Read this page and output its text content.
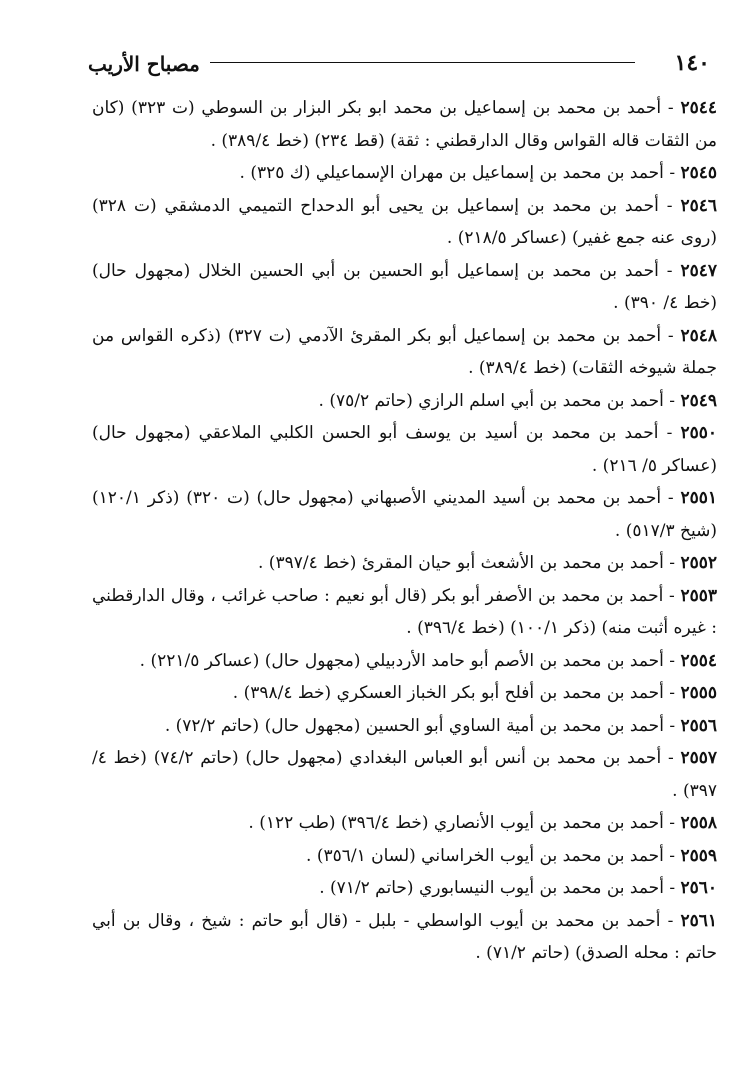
١٤٠
مصباح الأريب
٢٥٤٤ - أحمد بن محمد بن إسماعيل بن محمد ابو بكر البزار بن السوطي (ت ٣٢٣) (كان من الثقات قاله القواس وقال الدارقطني : ثقة) (قط ٢٣٤) (خط ٣٨٩/٤) .
٢٥٤٥ - أحمد بن محمد بن إسماعيل بن مهران الإسماعيلي (ك ٣٢٥) .
٢٥٤٦ - أحمد بن محمد بن إسماعيل بن يحيى أبو الدحداح التميمي الدمشقي (ت ٣٢٨) (روى عنه جمع غفير) (عساكر ٢١٨/٥) .
٢٥٤٧ - أحمد بن محمد بن إسماعيل أبو الحسين بن أبي الحسين الخلال (مجهول حال) (خط ٤/ ٣٩٠) .
٢٥٤٨ - أحمد بن محمد بن إسماعيل أبو بكر المقرئ الآدمي (ت ٣٢٧) (ذكره القواس من جملة شيوخه الثقات) (خط ٣٨٩/٤) .
٢٥٤٩ - أحمد بن محمد بن أبي اسلم الرازي (حاتم ٧٥/٢) .
٢٥٥٠ - أحمد بن محمد بن أسيد بن يوسف أبو الحسن الكلبي الملاعقي (مجهول حال) (عساكر ٥/ ٢١٦) .
٢٥٥١ - أحمد بن محمد بن أسيد المديني الأصبهاني (مجهول حال) (ت ٣٢٠) (ذكر ١٢٠/١) (شيخ ٥١٧/٣) .
٢٥٥٢ - أحمد بن محمد بن الأشعث أبو حيان المقرئ (خط ٣٩٧/٤) .
٢٥٥٣ - أحمد بن محمد بن الأصفر أبو بكر (قال أبو نعيم : صاحب غرائب ، وقال الدارقطني : غيره أثبت منه) (ذكر ١٠٠/١) (خط ٣٩٦/٤) .
٢٥٥٤ - أحمد بن محمد بن الأصم أبو حامد الأردبيلي (مجهول حال) (عساكر ٢٢١/٥) .
٢٥٥٥ - أحمد بن محمد بن أفلح أبو بكر الخباز العسكري (خط ٣٩٨/٤) .
٢٥٥٦ - أحمد بن محمد بن أمية الساوي أبو الحسين (مجهول حال) (حاتم ٧٢/٢) .
٢٥٥٧ - أحمد بن محمد بن أنس أبو العباس البغدادي (مجهول حال) (حاتم ٧٤/٢) (خط ٤/ ٣٩٧) .
٢٥٥٨ - أحمد بن محمد بن أيوب الأنصاري (خط ٣٩٦/٤) (طب ١٢٢) .
٢٥٥٩ - أحمد بن محمد بن أيوب الخراساني (لسان ٣٥٦/١) .
٢٥٦٠ - أحمد بن محمد بن أيوب النيسابوري (حاتم ٧١/٢) .
٢٥٦١ - أحمد بن محمد بن أيوب الواسطي - بلبل - (قال أبو حاتم : شيخ ، وقال بن أبي حاتم : محله الصدق) (حاتم ٧١/٢) .
